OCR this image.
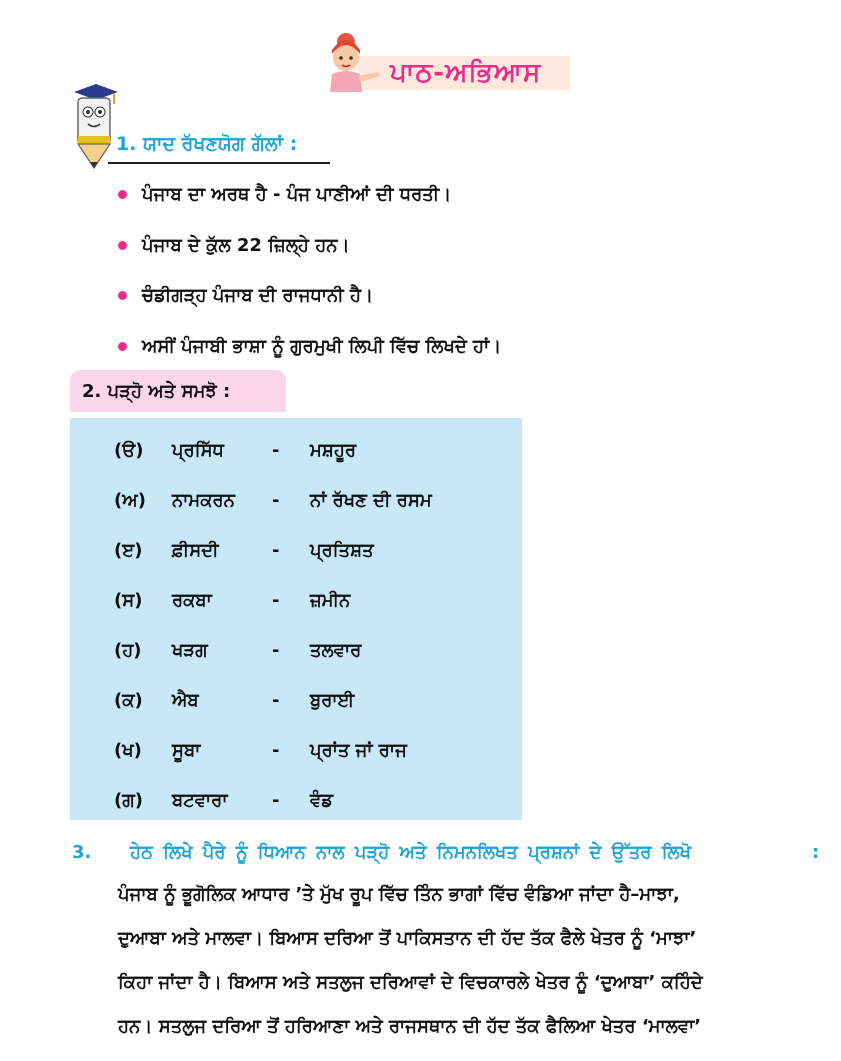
ਪਾਠ-ਅਭਿਆਸ
1. ਯਾਦ ਰੱਖਣਯੋਗ ਗੱਲਾਂ :
ਪੰਜਾਬ ਦਾ ਅਰਥ ਹੈ - ਪੰਜ ਪਾਣੀਆਂ ਦੀ ਧਰਤੀ।
ਪੰਜਾਬ ਦੇ ਕੁੱਲ 22 ਜ਼ਿਲ੍ਹੇ ਹਨ।
ਚੰਡੀਗੜ੍ਹ ਪੰਜਾਬ ਦੀ ਰਾਜਧਾਨੀ ਹੈ।
ਅਸੀਂ ਪੰਜਾਬੀ ਭਾਸ਼ਾ ਨੂੰ ਗੁਰਮੁਖੀ ਲਿਪੀ ਵਿੱਚ ਲਿਖਦੇ ਹਾਂ।
2. ਪੜ੍ਹੋ ਅਤੇ ਸਮਝੋ :
(ੳ) ਪ੍ਰਸਿੱਧ	- ਮਸ਼ਹੂਰ
(ਅ) ਨਾਮਕਰਨ - ਨਾਂ ਰੱਖਣ ਦੀ ਰਸਮ
(ੲ) ਫ਼ੀਸਦੀ	- ਪ੍ਰਤਿਸ਼ਤ
(ਸ) ਰਕਬਾ	- ਜ਼ਮੀਨ
(ਹ) ਖੜਗ	- ਤਲਵਾਰ
(ਕ) ਐਬ	- ਬੁਰਾਈ
(ਖ) ਸੂਬਾ	- ਪ੍ਰਾਂਤ ਜਾਂ ਰਾਜ
(ਗ) ਬਟਵਾਰਾ - ਵੰਡ
3. ਹੇਠ ਲਿਖੇ ਪੈਰੇ ਨੂੰ ਧਿਆਨ ਨਾਲ ਪੜ੍ਹੋ ਅਤੇ ਨਿਮਨਲਿਖਤ ਪ੍ਰਸ਼ਨਾਂ ਦੇ ਉੱਤਰ ਲਿਖੋ	:
ਪੰਜਾਬ ਨੂੰ ਭੂਗੋਲਿਕ ਆਧਾਰ ’ਤੇ ਮੁੱਖ ਰੂਪ ਵਿੱਚ ਤਿੰਨ ਭਾਗਾਂ ਵਿੱਚ ਵੰਡਿਆ ਜਾਂਦਾ ਹੈ–ਮਾਝਾ,
ਦੁਆਬਾ ਅਤੇ ਮਾਲਵਾ। ਬਿਆਸ ਦਰਿਆ ਤੋਂ ਪਾਕਿਸਤਾਨ ਦੀ ਹੱਦ ਤੱਕ ਫੈਲੇ ਖੇਤਰ ਨੂੰ ‘ਮਾਝਾ’
ਕਿਹਾ ਜਾਂਦਾ ਹੈ। ਬਿਆਸ ਅਤੇ ਸਤਲੁਜ ਦਰਿਆਵਾਂ ਦੇ ਵਿਚਕਾਰਲੇ ਖੇਤਰ ਨੂੰ ‘ਦੁਆਬਾ’ ਕਹਿੰਦੇ
ਹਨ। ਸਤਲੁਜ ਦਰਿਆ ਤੋਂ ਹਰਿਆਣਾ ਅਤੇ ਰਾਜਸਥਾਨ ਦੀ ਹੱਦ ਤੱਕ ਫੈਲਿਆ ਖੇਤਰ ‘ਮਾਲਵਾ’
